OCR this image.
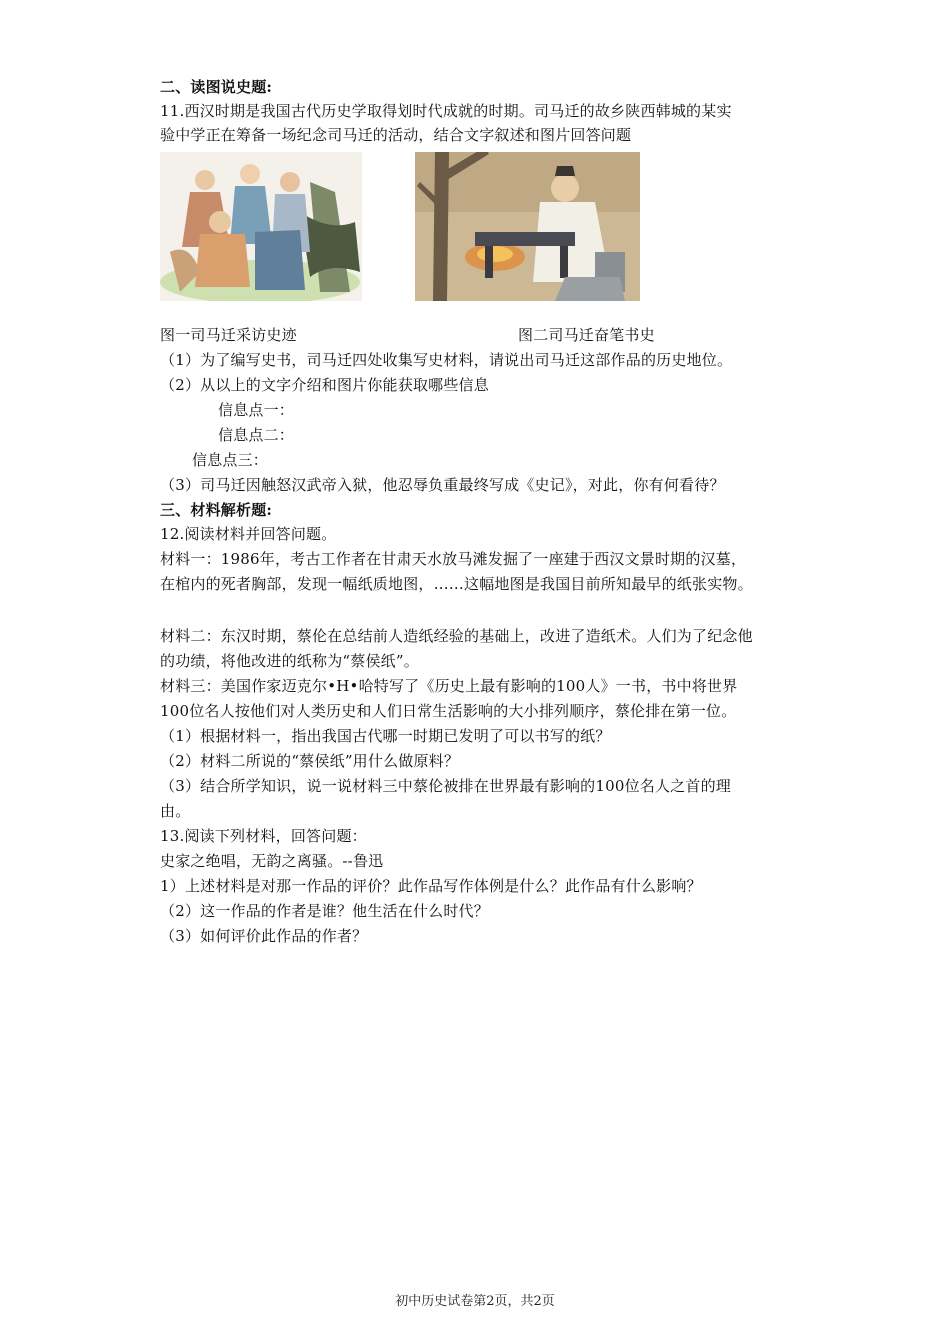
二、读图说史题:
11.西汉时期是我国古代历史学取得划时代成就的时期。司马迁的故乡陕西韩城的某实
验中学正在筹备一场纪念司马迁的活动，结合文字叙述和图片回答问题
图一司马迁采访史迹	图二司马迁奋笔书史
（1）为了编写史书，司马迁四处收集写史材料，请说出司马迁这部作品的历史地位。
（2）从以上的文字介绍和图片你能获取哪些信息
信息点一：
信息点二：
信息点三：
（3）司马迁因触怒汉武帝入狱，他忍辱负重最终写成《史记》，对此，你有何看待？
三、材料解析题:
12.阅读材料并回答问题。
材料一：1986年，考古工作者在甘肃天水放马滩发掘了一座建于西汉文景时期的汉墓，
在棺内的死者胸部，发现一幅纸质地图，……这幅地图是我国目前所知最早的纸张实物。
材料二：东汉时期，蔡伦在总结前人造纸经验的基础上，改进了造纸术。人们为了纪念他
的功绩，将他改进的纸称为“蔡侯纸”。
材料三：美国作家迈克尔•H•哈特写了《历史上最有影响的100人》一书，书中将世界
100位名人按他们对人类历史和人们日常生活影响的大小排列顺序，蔡伦排在第一位。
（1）根据材料一，指出我国古代哪一时期已发明了可以书写的纸？
（2）材料二所说的“蔡侯纸”用什么做原料？
（3）结合所学知识，说一说材料三中蔡伦被排在世界最有影响的100位名人之首的理
由。
13.阅读下列材料，回答问题：
史家之绝唱，无韵之离骚。--鲁迅
1）上述材料是对那一作品的评价？此作品写作体例是什么？此作品有什么影响？
（2）这一作品的作者是谁？他生活在什么时代？
（3）如何评价此作品的作者？
初中历史试卷第2页，共2页
